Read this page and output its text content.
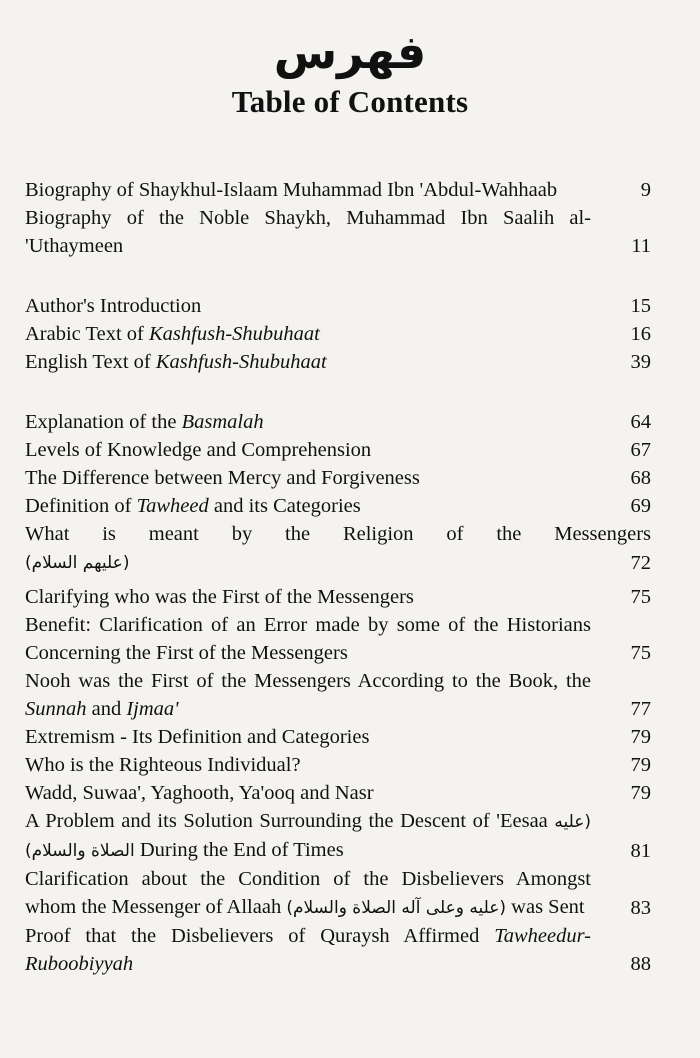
فهرس
Table of Contents
Biography of Shaykhul-Islaam Muhammad Ibn 'Abdul-Wahhaab	9
Biography of the Noble Shaykh, Muhammad Ibn Saalih al-'Uthaymeen	11
Author's Introduction	15
Arabic Text of Kashfush-Shubuhaat	16
English Text of Kashfush-Shubuhaat	39
Explanation of the Basmalah	64
Levels of Knowledge and Comprehension	67
The Difference between Mercy and Forgiveness	68
Definition of Tawheed and its Categories	69
What is meant by the Religion of the Messengers
(عليهم السلام)	72
Clarifying who was the First of the Messengers	75
Benefit: Clarification of an Error made by some of the Historians Concerning the First of the Messengers	75
Nooh was the First of the Messengers According to the Book, the Sunnah and Ijmaa'	77
Extremism - Its Definition and Categories	79
Who is the Righteous Individual?	79
Wadd, Suwaa', Yaghooth, Ya'ooq and Nasr	79
A Problem and its Solution Surrounding the Descent of 'Eesaa (عليه الصلاة والسلام) During the End of Times	81
Clarification about the Condition of the Disbelievers Amongst whom the Messenger of Allaah (عليه وعلى آله الصلاة والسلام) was Sent	83
Proof that the Disbelievers of Quraysh Affirmed Tawheedur-Ruboobiyyah	88
